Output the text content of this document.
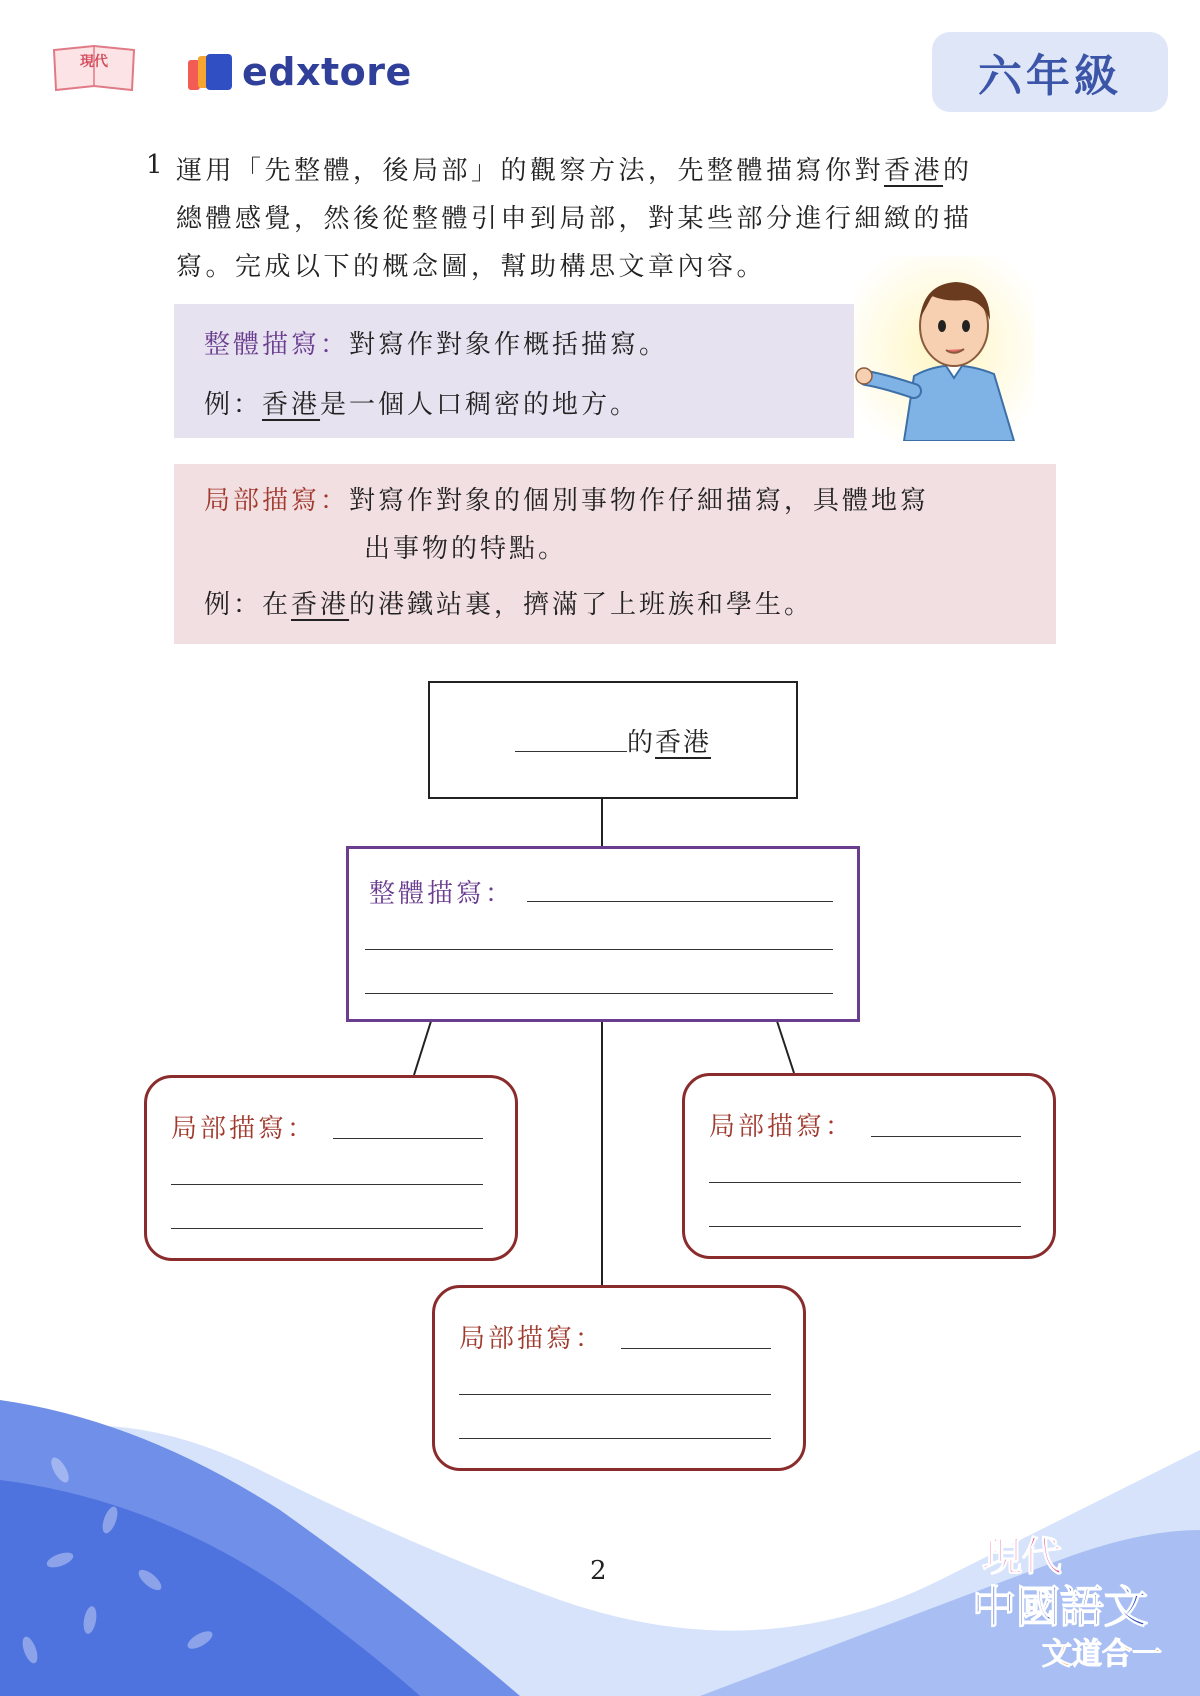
現代	edxtore	六年級
1 運用「先整體，後局部」的觀察方法，先整體描寫你對香港的
總體感覺，然後從整體引申到局部，對某些部分進行細緻的描
寫。完成以下的概念圖，幫助構思文章內容。
整體描寫：對寫作對象作概括描寫。
例：香港是一個人口稠密的地方。
局部描寫：對寫作對象的個別事物作仔細描寫，具體地寫
出事物的特點。
例：在香港的港鐵站裏，擠滿了上班族和學生。
的 香港
整體描寫：
局部描寫：	局部描寫：
局部描寫：
2	現代
中國語文
文道合一
